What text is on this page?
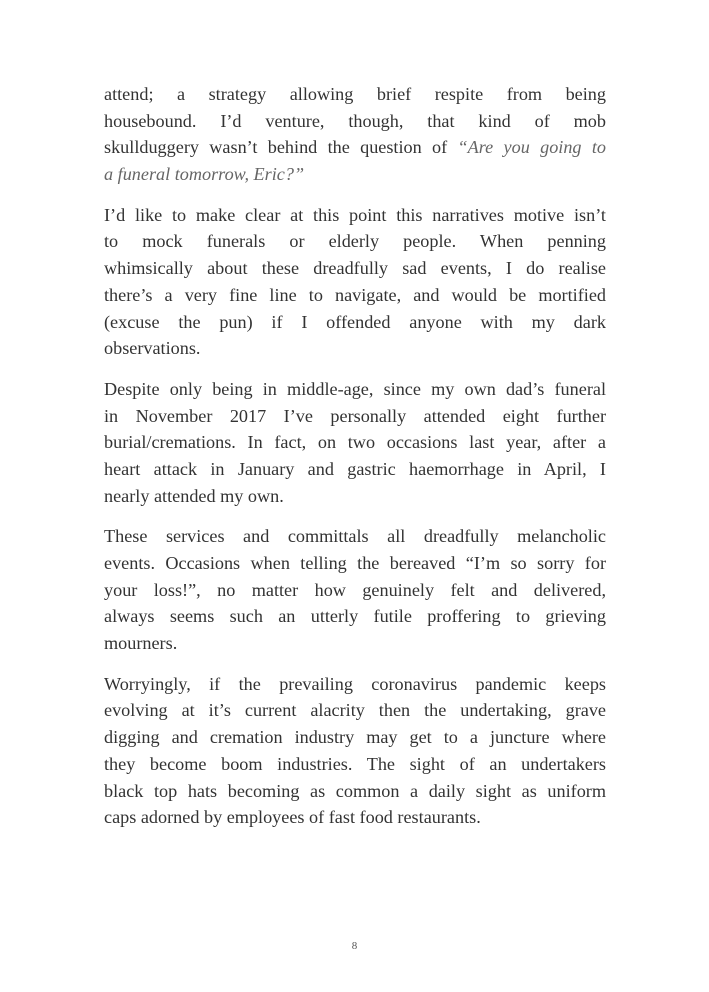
attend; a strategy allowing brief respite from being
housebound. I’d venture, though, that kind of mob
skullduggery wasn’t behind the question of “Are you going to
a funeral tomorrow, Eric?”
I’d like to make clear at this point this narratives motive isn’t
to mock funerals or elderly people. When penning
whimsically about these dreadfully sad events, I do realise
there’s a very fine line to navigate, and would be mortified
(excuse the pun) if I offended anyone with my dark
observations.
Despite only being in middle-age, since my own dad’s funeral
in November 2017 I’ve personally attended eight further
burial/cremations. In fact, on two occasions last year, after a
heart attack in January and gastric haemorrhage in April, I
nearly attended my own.
These services and committals all dreadfully melancholic
events. Occasions when telling the bereaved “I’m so sorry for
your loss!”, no matter how genuinely felt and delivered,
always seems such an utterly futile proffering to grieving
mourners.
Worryingly, if the prevailing coronavirus pandemic keeps
evolving at it’s current alacrity then the undertaking, grave
digging and cremation industry may get to a juncture where
they become boom industries. The sight of an undertakers
black top hats becoming as common a daily sight as uniform
caps adorned by employees of fast food restaurants.
8
